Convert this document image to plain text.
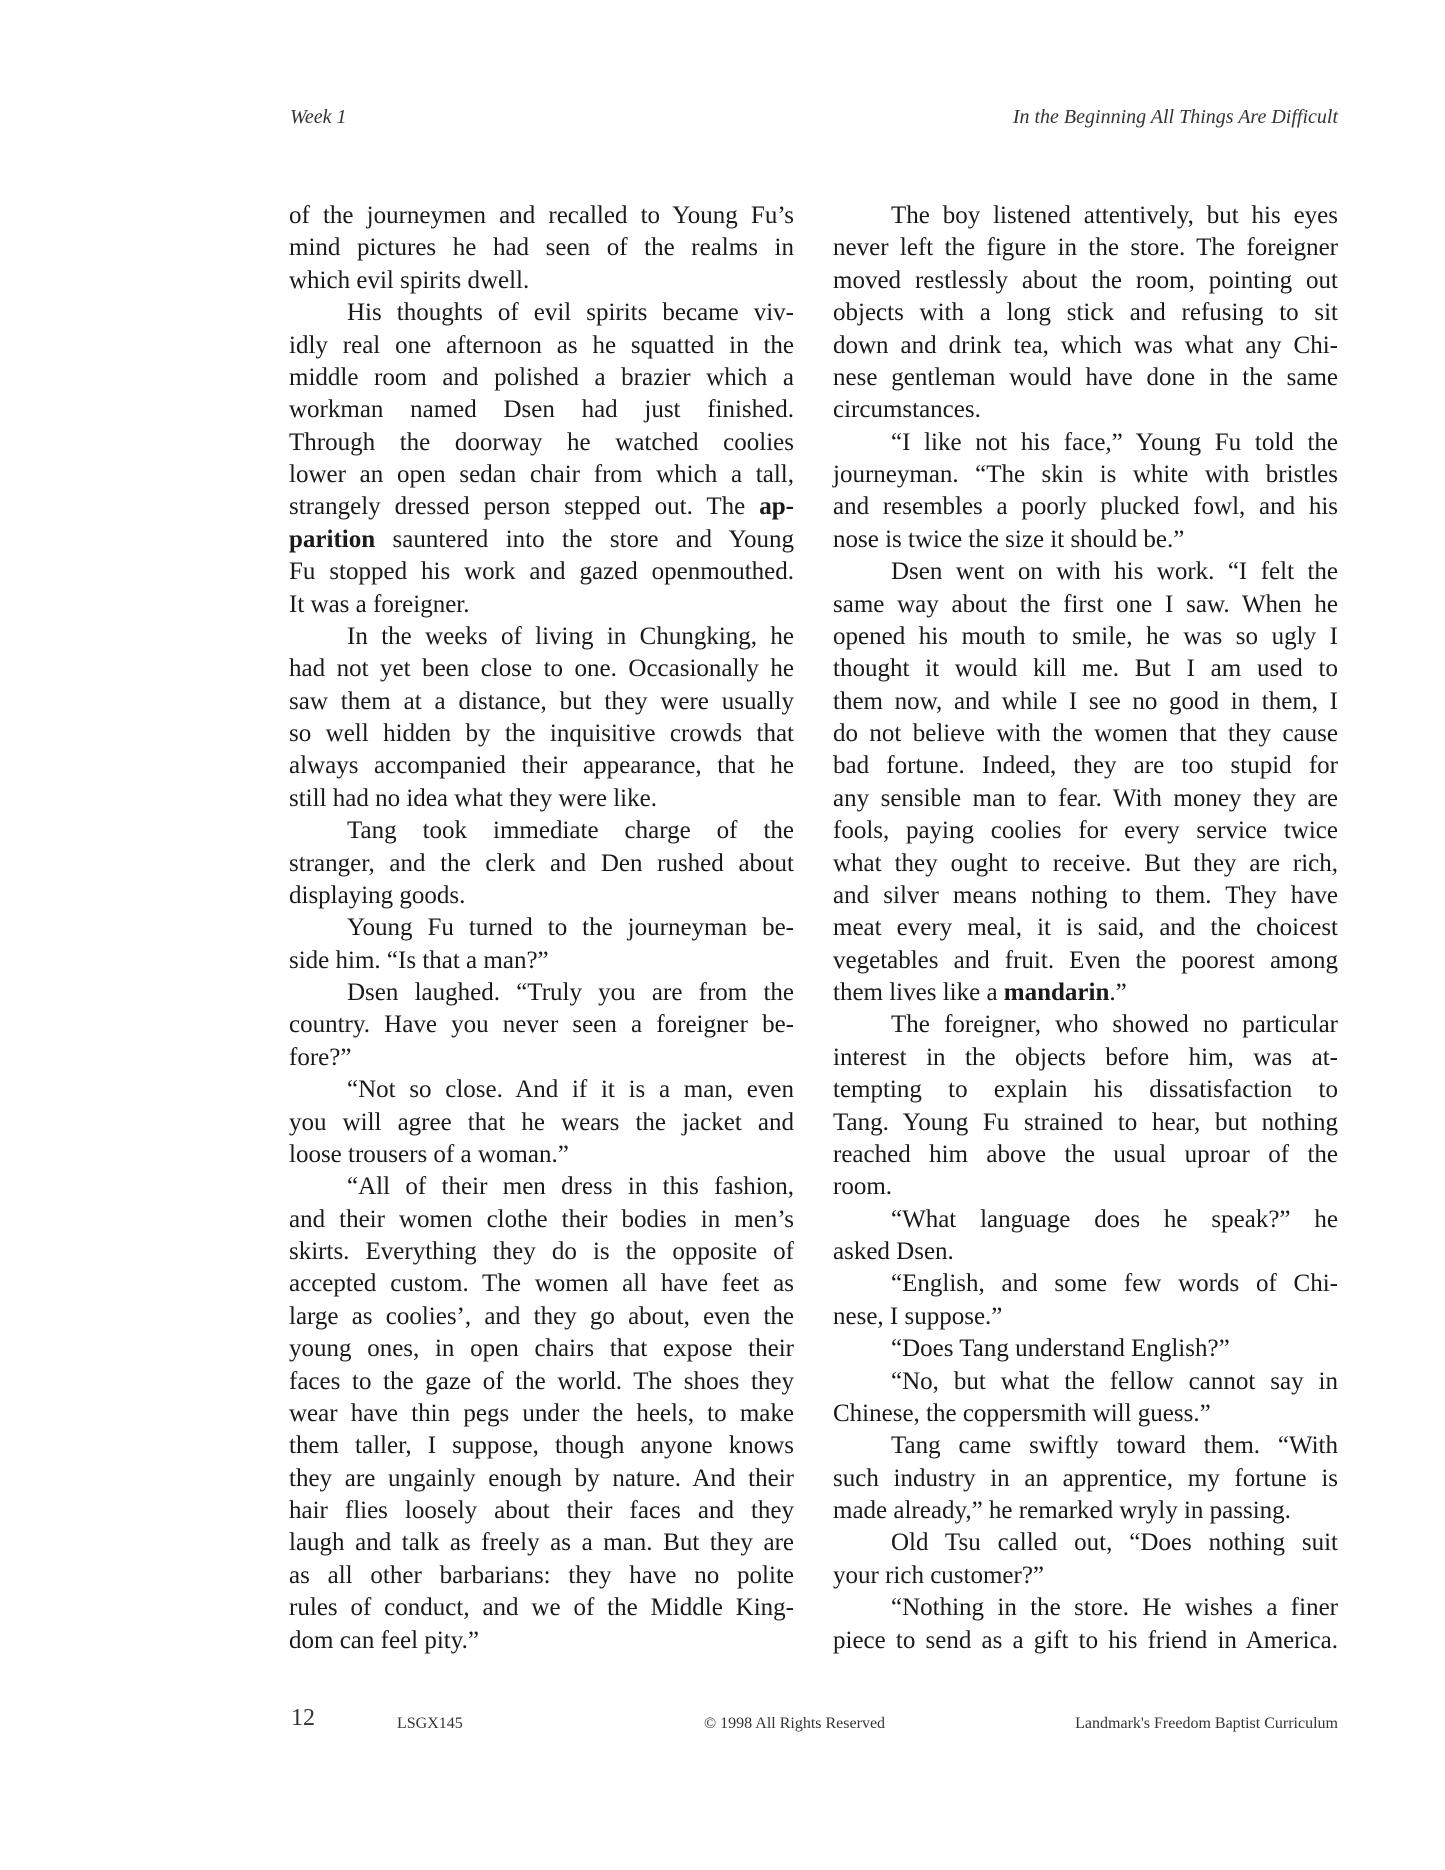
Week 1	In the Beginning All Things Are Difficult
of the journeymen and recalled to Young Fu’s
mind pictures he had seen of the realms in
which evil spirits dwell.
His thoughts of evil spirits became viv-
idly real one afternoon as he squatted in the
middle room and polished a brazier which a
workman named Dsen had just finished.
Through the doorway he watched coolies
lower an open sedan chair from which a tall,
strangely dressed person stepped out. The ap-
parition sauntered into the store and Young
Fu stopped his work and gazed openmouthed.
It was a foreigner.
In the weeks of living in Chungking, he
had not yet been close to one. Occasionally he
saw them at a distance, but they were usually
so well hidden by the inquisitive crowds that
always accompanied their appearance, that he
still had no idea what they were like.
Tang took immediate charge of the
stranger, and the clerk and Den rushed about
displaying goods.
Young Fu turned to the journeyman be-
side him. “Is that a man?”
Dsen laughed. “Truly you are from the
country. Have you never seen a foreigner be-
fore?”
“Not so close. And if it is a man, even
you will agree that he wears the jacket and
loose trousers of a woman.”
“All of their men dress in this fashion,
and their women clothe their bodies in men’s
skirts. Everything they do is the opposite of
accepted custom. The women all have feet as
large as coolies’, and they go about, even the
young ones, in open chairs that expose their
faces to the gaze of the world. The shoes they
wear have thin pegs under the heels, to make
them taller, I suppose, though anyone knows
they are ungainly enough by nature. And their
hair flies loosely about their faces and they
laugh and talk as freely as a man. But they are
as all other barbarians: they have no polite
rules of conduct, and we of the Middle King-
dom can feel pity.”
The boy listened attentively, but his eyes
never left the figure in the store. The foreigner
moved restlessly about the room, pointing out
objects with a long stick and refusing to sit
down and drink tea, which was what any Chi-
nese gentleman would have done in the same
circumstances.
“I like not his face,” Young Fu told the
journeyman. “The skin is white with bristles
and resembles a poorly plucked fowl, and his
nose is twice the size it should be.”
Dsen went on with his work. “I felt the
same way about the first one I saw. When he
opened his mouth to smile, he was so ugly I
thought it would kill me. But I am used to
them now, and while I see no good in them, I
do not believe with the women that they cause
bad fortune. Indeed, they are too stupid for
any sensible man to fear. With money they are
fools, paying coolies for every service twice
what they ought to receive. But they are rich,
and silver means nothing to them. They have
meat every meal, it is said, and the choicest
vegetables and fruit. Even the poorest among
them lives like a mandarin.”
The foreigner, who showed no particular
interest in the objects before him, was at-
tempting to explain his dissatisfaction to
Tang. Young Fu strained to hear, but nothing
reached him above the usual uproar of the
room.
“What language does he speak?” he
asked Dsen.
“English, and some few words of Chi-
nese, I suppose.”
“Does Tang understand English?”
“No, but what the fellow cannot say in
Chinese, the coppersmith will guess.”
Tang came swiftly toward them. “With
such industry in an apprentice, my fortune is
made already,” he remarked wryly in passing.
Old Tsu called out, “Does nothing suit
your rich customer?”
“Nothing in the store. He wishes a finer
piece to send as a gift to his friend in America.
12	LSGX145	© 1998 All Rights Reserved	Landmark's Freedom Baptist Curriculum
